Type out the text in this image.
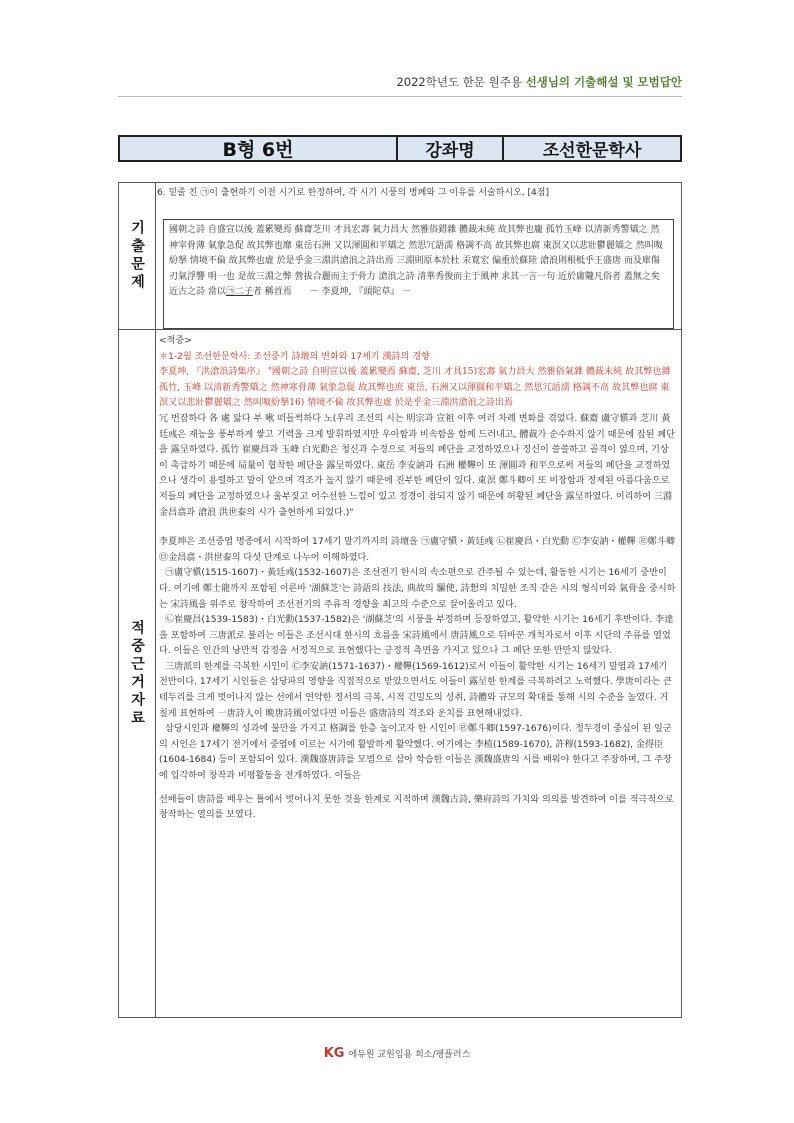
2022학년도 한문 원주용 선생님의 기출해설 및 모범답안
B형 6번	강좌명	조선한문학사
기출문제
적중근거자료
6. 밑줄 친 ㉠이 출현하기 이전 시기로 한정하여, 각 시기 시풍의 병폐와 그 이유를 서술하시오. [4점]
國朝之詩 自盛宣以後 蓋累變焉 蘇齋芝川 才具宏壽 氣力昌大 然雅俗錯雜 體裁未純 故其弊也龐 孤竹玉峰 以清新秀警矯之 然神宰骨薄 氣象急促 故其弊也靡 東岳石洲 又以渾圓和平矯之 然思冗語濡 格調不高 故其弊也腐 東溟又以悲壯鬱麗矯之 然叫呶紛拏 情境不倫 故其弊也虛 於是乎金三淵洪滄浪之詩出焉 三淵則原本於杜 汞寬宏 偏重於蘇陸 滄浪則根柢乎王盛唐 而及庫傷刃氣浮響 明一也 是故三淵之弊 營拔合麗而主于骨力 滄浪之詩 清華秀俊而主于風神 求其一言一句 近於庸隴凡俗者 蓋無之矣 近古之詩 當以㉠二子者 稱首焉　　－ 李夏坤, 『頭陀草』 －

<적중>

＊1-2월 조선한문학사: 조선중기 詩壇의 변화와 17세기 漢詩의 경향

李夏坤, 『洪滄浪詩集序』 "國朝之詩 自明宣以後 蓋累變焉 蘇齋, 芝川 才具15)宏壽 氣力昌大 然雅俗氣雜 體裁未純 故其弊也雜 孤竹, 玉峰 以清新秀警矯之 然神寒骨薄 氣象急促 故其弊也庶 東岳, 石洲又以渾圓和平矯之 然思冗語濡 格調不高 故其弊也腐 東溟又以悲壯鬱麗矯之 然叫呶紛拏16) 情境不倫 故其弊也虛 於是乎金三淵洪滄浪之詩出焉

冗 번잡하다 各 處 앓다 부 啾 떠들썩하다 노(우리 조선의 시는 明宗과 宣祖 이후 여러 차례 변화를 겪었다. 蘇齋 盧守愼과 芝川 黃廷彧은 재능을 풍부하게 쌓고 기력을 크게 발휘하였지만 우아함과 비속함을 함께 드러내고, 體裁가 순수하지 않기 때문에 잡된 폐단을 露呈하였다. 孤竹 崔慶昌과 玉峰 白光勳은 청신과 수경으로 저들의 폐단을 교정하였으나 정신이 쓸쓸하고 골격이 엷으며, 기상이 촉급하기 때문에 局量이 협착한 폐단을 露呈하였다. 東岳 李安訥과 石洲 權鞸이 또 渾圓과 和平으로써 저들의 폐단을 교정하였으나 생각이 용렬하고 말이 얕으며 격조가 높지 않기 때문에 진부한 폐단이 있다. 東溟 鄭斗卿이 또 비장함과 정제된 아름다움으로 저들의 폐단을 교정하였으나 울부짖고 어수선한 느낌이 있고 정경이 참되지 않기 때문에 허황된 폐단을 露呈하였다. 이리하여 三淵 金昌翕과 滄浪 洪世泰의 시가 출현하게 되었다.)"

李夏坤은 조선중엽 명종에서 시작하여 17세기 말기까지의 詩壇을 ㉠盧守愼・黃廷彧 ㉡崔慶昌・白光勳 ㉢李安訥・權鞸 ㉣鄭斗卿 ㉤金昌翕・洪世泰의 다섯 단계로 나누어 이해하였다.

㉠盧守愼(1515-1607)・黃廷彧(1532-1607)은 조선전기 한시의 속소편으로 간주될 수 있는데, 활동한 시기는 16세기 중반이다. 여기에 鄭士龍까지 포함된 이른바 '湖蘇芝'는 詩語의 技法, 典故의 驅使, 詩想의 치밀한 조직 같은 시의 형식미와 氣骨을 중시하는 宋詩風을 위주로 창작하여 조선전기의 주류적 경향을 최고의 수준으로 끌어올리고 있다.

㉡崔慶昌(1539-1583)・白光勳(1537-1582)은 '湖蘇芝'의 시풍을 부정하며 등장하였고, 활약한 시기는 16세기 후반이다. 李達을 포함하여 三唐派로 불리는 이들은 조선시대 한시의 흐름을 宋詩風에서 唐詩風으로 뒤바꾼 개척자로서 이후 시단의 주류를 열었다. 이들은 인간의 낭만적 감정을 서정적으로 표현했다는 긍정적 측면을 가지고 있으나 그 폐단 또한 만만치 않았다.

三唐派의 한계를 극복한 시인이 ㉢李安訥(1571-1637)・權鞸(1569-1612)로서 이들이 활약한 시기는 16세기 말엽과 17세기 전반이다. 17세기 시인들은 삼당파의 영향을 직접적으로 받았으면서도 이들이 露呈한 한계를 극복하려고 노력했다. 學唐이라는 큰 테두리를 크게 벗어나지 않는 선에서 연약한 정서의 극복, 시적 긴밀도의 성취, 詩體와 규모의 확대를 통해 시의 수준을 높였다. 거칠게 표현하여 一唐詩人이 晩唐詩風이었다면 이들은 盛唐詩의 격조와 운치를 표현해내었다.

삼당시인과 權鞸의 성과에 불만을 가지고 格調를 한층 높이고자 한 시인이 ㉣鄭斗卿(1597-1676)이다. 정두경이 중심이 된 일군의 시인은 17세기 전기에서 중엽에 이르는 시기에 활발하게 활약했다. 여기에는 李植(1589-1670), 許穆(1593-1682), 金得臣(1604-1684) 등이 포함되어 있다. 漢魏盛唐詩를 모범으로 삼아 학습한 이들은 漢魏盛唐의 시를 배워야 한다고 주장하며, 그 주장에 입각하여 창작과 비평활동을 전개하였다. 이들은

선배들이 唐詩를 배우는 틀에서 벗어나지 못한 것을 한계로 지적하며 漢魏古詩, 樂府詩의 가치와 의의를 발견하여 이를 적극적으로 창작하는 열의를 보였다.

KG 에듀원 교원임용 희소/팽플러스
